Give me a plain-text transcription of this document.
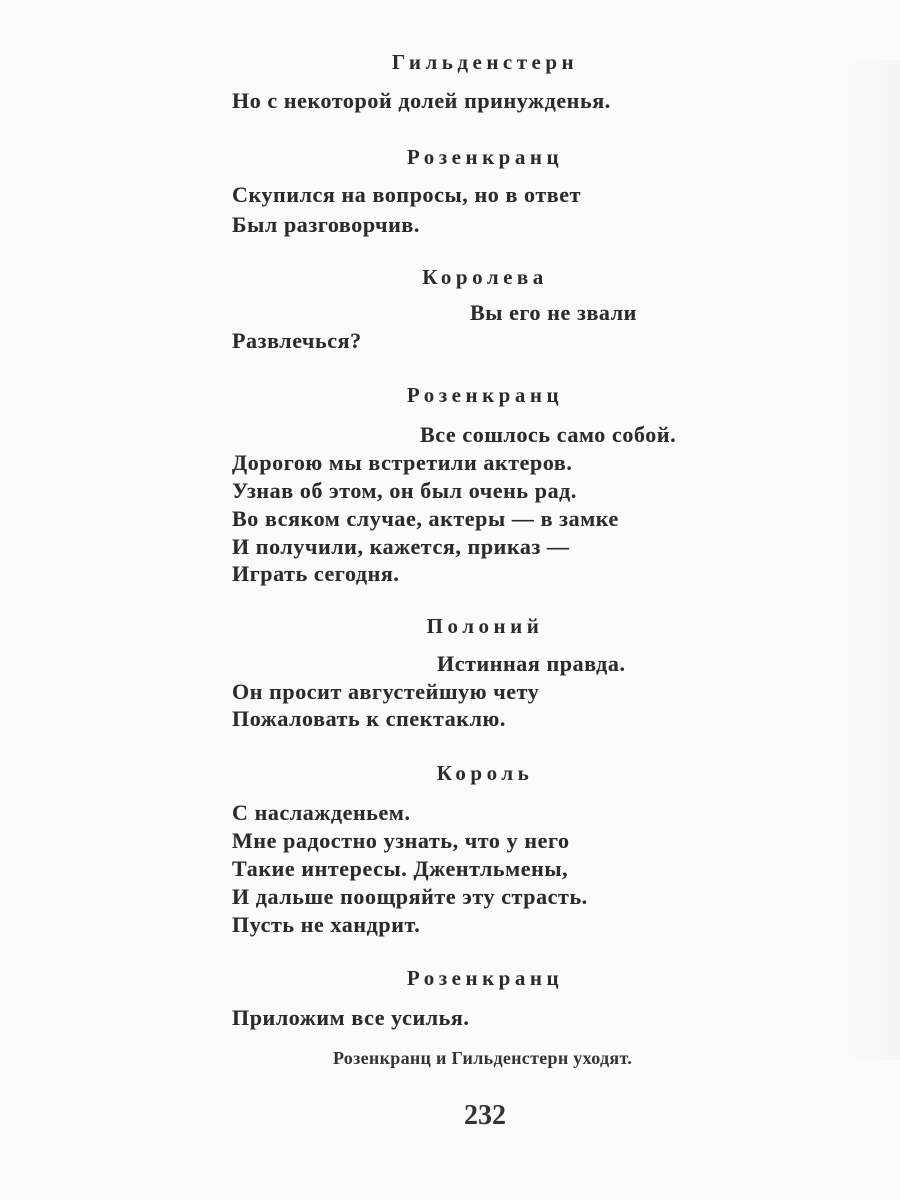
Гильденстерн
Но с некоторой долей принужденья.
Розенкранц
Скупился на вопросы, но в ответ
Был разговорчив.
Королева
Вы его не звали
Развлечься?
Розенкранц
Все сошлось само собой.
Дорогою мы встретили актеров.
Узнав об этом, он был очень рад.
Во всяком случае, актеры — в замке
И получили, кажется, приказ —
Играть сегодня.
Полоний
Истинная правда.
Он просит августейшую чету
Пожаловать к спектаклю.
Король
С наслажденьем.
Мне радостно узнать, что у него
Такие интересы. Джентльмены,
И дальше поощряйте эту страсть.
Пусть не хандрит.
Розенкранц
Приложим все усилья.
Розенкранц и Гильденстерн уходят.
232
